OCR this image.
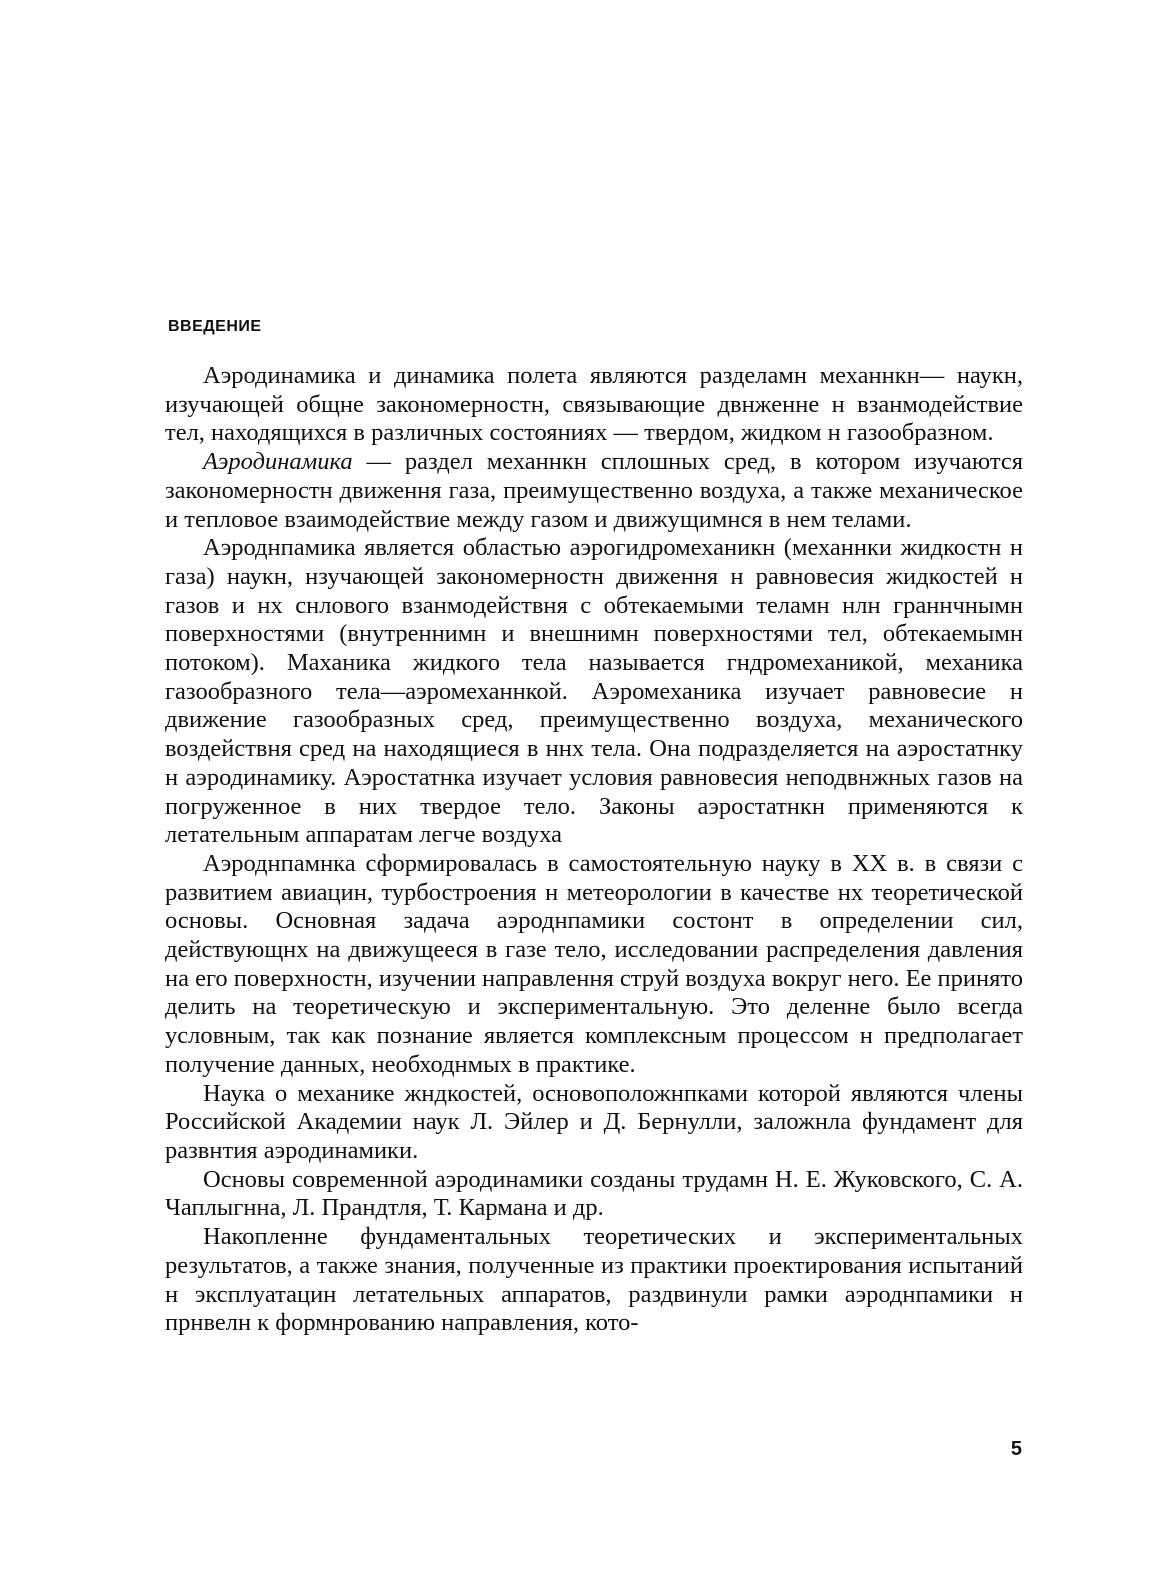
ВВЕДЕНИЕ

Аэродинамика и динамика полета являются разделамн механнкн— наукн, изучающей общне закономерностн, связывающие двнженне н взанмодействие тел, находящихся в различных состояниях — твердом, жидком н газообразном.

Аэродинамика — раздел механнкн сплошных сред, в котором изучаются закономерностн движення газа, преимущественно воздуха, а также механическое и тепловое взаимодействие между газом и движущимнся в нем телами.

Аэроднпамика является областью аэрогидромеханикн (механнки жидкостн н газа) наукн, нзучающей закономерностн движення н равновесия жидкостей н газов и нх снлового взанмодействня с обтекаемыми теламн нлн граннчнымн поверхностями (внутреннимн и внешнимн поверхностями тел, обтекаемымн потоком). Маханика жидкого тела называется гндромеханикой, механика газообразного тела—аэромеханнкой. Аэромеханика изучает равновесие н движение газообразных сред, преимущественно воздуха, механического воздействня сред на находящиеся в ннх тела. Она подразделяется на аэростатнку н аэродинамику. Аэростатнка изучает условия равновесия неподвнжных газов на погруженное в них твердое тело. Законы аэростатнкн применяются к летательным аппаратам легче воздуха

Аэроднпамнка сформировалась в самостоятельную науку в XX в. в связи с развитием авиацин, турбостроения н метеорологии в качестве нх теоретической основы. Основная задача аэроднпамики состонт в определении сил, действующнх на движущееся в газе тело, исследовании распределения давления на его поверхностн, изучении направлення струй воздуха вокруг него. Ее принято делить на теоретическую и экспериментальную. Это деленне было всегда условным, так как познание является комплексным процессом н предполагает получение данных, необходнмых в практике.

Наука о механике жндкостей, основоположнпками которой являются члены Российской Академии наук Л. Эйлер и Д. Бернулли, заложнла фундамент для развнтия аэродинамики.

Основы современной аэродинамики созданы трудамн Н. Е. Жуковского, С. А. Чаплыгнна, Л. Прандтля, Т. Кармана и др.

Накопленне фундаментальных теоретических и экспериментальных результатов, а также знания, полученные из практики проектирования испытаний н эксплуатацин летательных аппаратов, раздвинули рамки аэроднпамики н прнвелн к формнрованию направления, кото-

5
